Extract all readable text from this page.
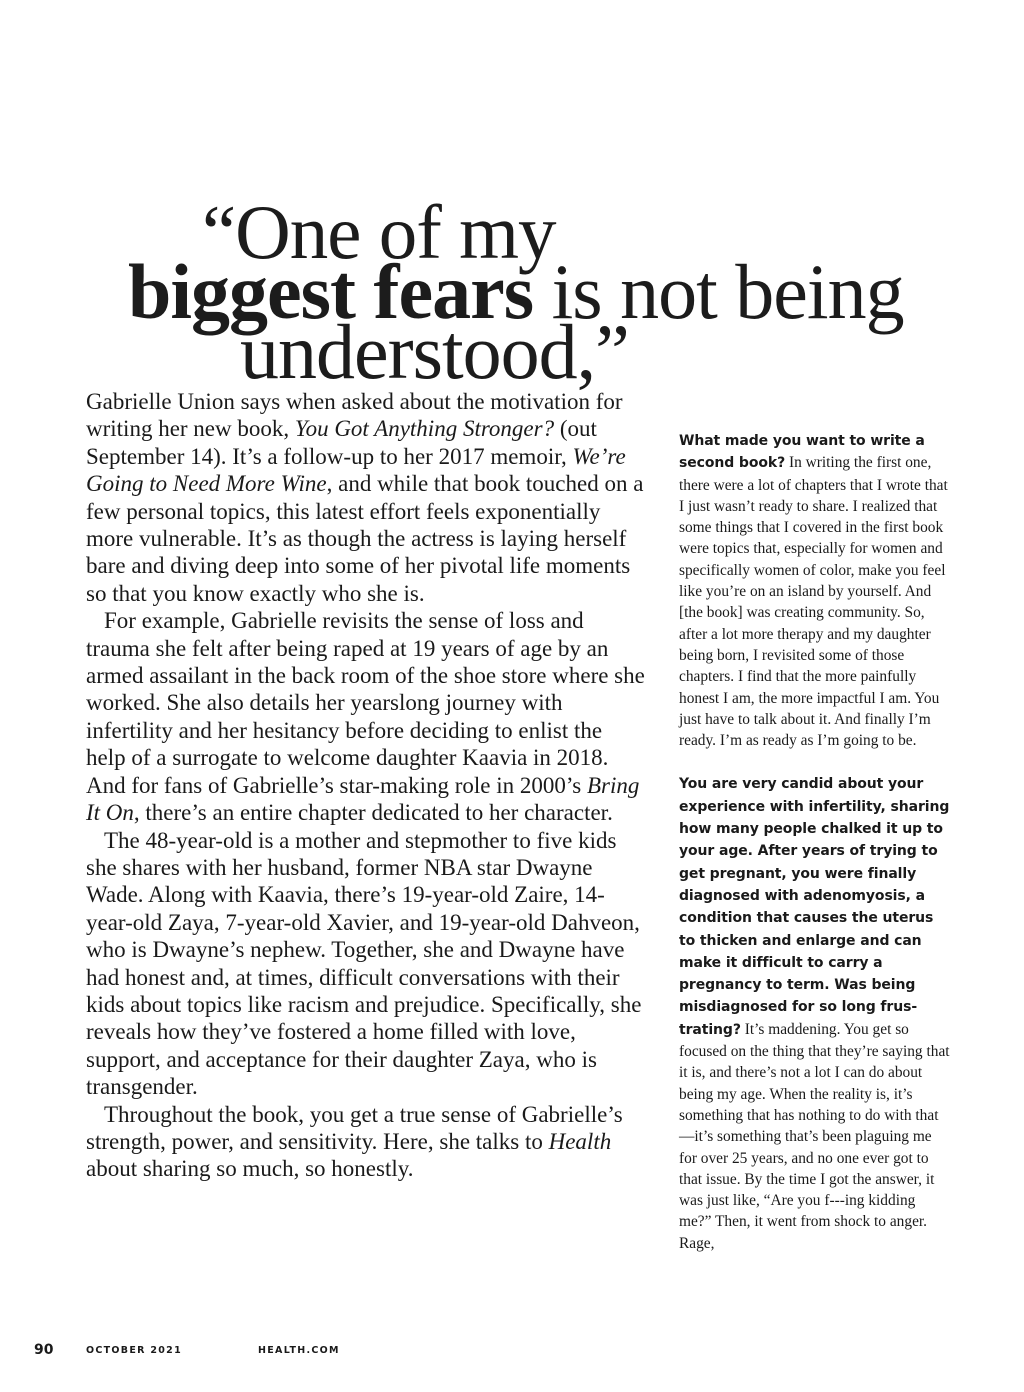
“One of my
biggest fears is not being
understood,”

Gabrielle Union says when asked about the motivation for writing her new book, You Got Anything Stronger? (out September 14). It’s a follow-up to her 2017 memoir, We’re Going to Need More Wine, and while that book touched on a few personal topics, this latest effort feels exponentially more vulnerable. It’s as though the actress is laying herself bare and diving deep into some of her pivotal life moments so that you know exactly who she is.

For example, Gabrielle revisits the sense of loss and trauma she felt after being raped at 19 years of age by an armed assailant in the back room of the shoe store where she worked. She also details her yearslong journey with infertility and her hesitancy before deciding to enlist the help of a surrogate to welcome daughter Kaavia in 2018. And for fans of Gabrielle’s star-making role in 2000’s Bring It On, there’s an entire chapter dedicated to her character.

The 48-year-old is a mother and stepmother to five kids she shares with her husband, former NBA star Dwayne Wade. Along with Kaavia, there’s 19-year-old Zaire, 14-year-old Zaya, 7-year-old Xavier, and 19-year-old Dahveon, who is Dwayne’s nephew. Together, she and Dwayne have had honest and, at times, difficult conversations with their kids about topics like racism and prejudice. Specifically, she reveals how they’ve fostered a home filled with love, support, and acceptance for their daughter Zaya, who is transgender.

Throughout the book, you get a true sense of Gabrielle’s strength, power, and sensitivity. Here, she talks to Health about sharing so much, so honestly.

What made you want to write a second book? In writing the first one, there were a lot of chapters that I wrote that I just wasn’t ready to share. I realized that some things that I covered in the first book were topics that, especially for women and specifically women of color, make you feel like you’re on an island by yourself. And [the book] was creating community. So, after a lot more therapy and my daughter being born, I revisited some of those chapters. I find that the more painfully honest I am, the more impactful I am. You just have to talk about it. And finally I’m ready. I’m as ready as I’m going to be.

You are very candid about your experience with infertility, sharing how many people chalked it up to your age. After years of trying to get pregnant, you were finally diagnosed with adenomyosis, a condition that causes the uterus to thicken and enlarge and can make it difficult to carry a pregnancy to term. Was being misdiagnosed for so long frustrating? It’s maddening. You get so focused on the thing that they’re saying that it is, and there’s not a lot I can do about being my age. When the reality is, it’s something that has nothing to do with that—it’s something that’s been plaguing me for over 25 years, and no one ever got to that issue. By the time I got the answer, it was just like, “Are you f---ing kidding me?” Then, it went from shock to anger. Rage,

90	OCTOBER 2021	HEALTH.COM
